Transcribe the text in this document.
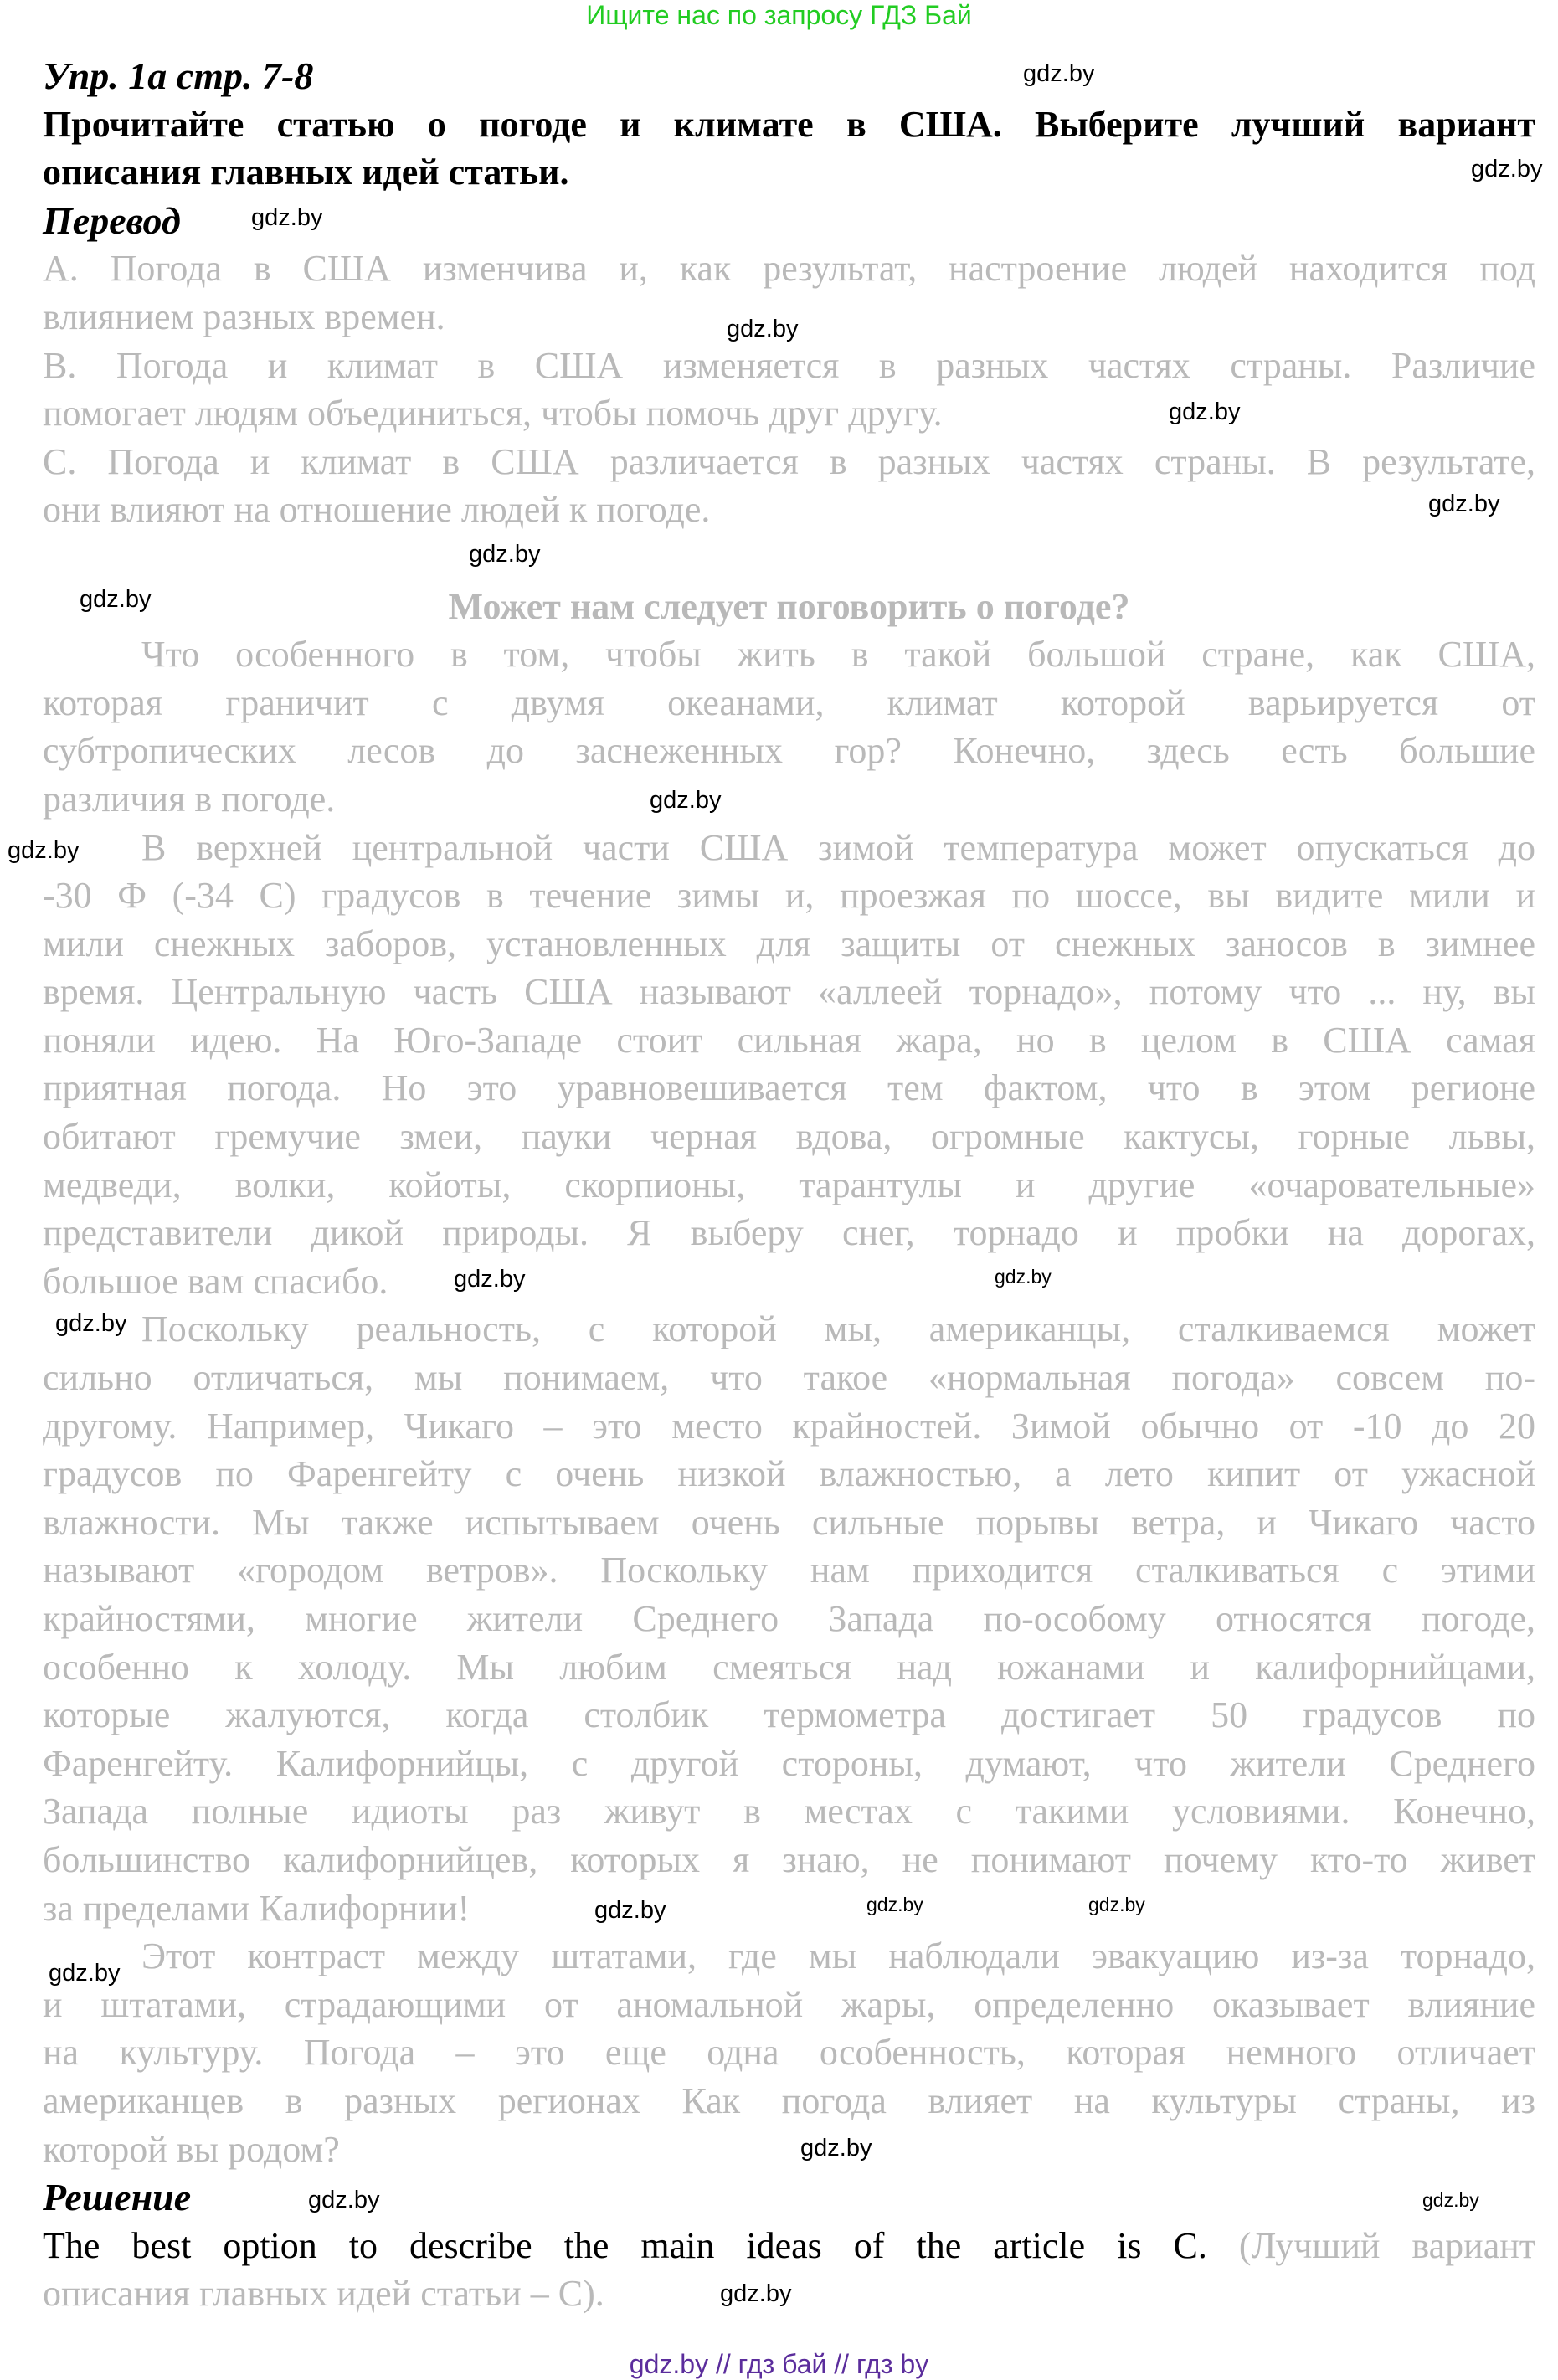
Ищите нас по запросу ГДЗ Бай
Упр. 1а стр. 7-8
Прочитайте статью о погоде и климате в США. Выберите лучший вариант
описания главных идей статьи.
Перевод
А. Погода в США изменчива и, как результат, настроение людей находится под
влиянием разных времен.
В. Погода и климат в США изменяется в разных частях страны. Различие
помогает людям объединиться, чтобы помочь друг другу.
С. Погода и климат в США различается в разных частях страны. В результате,
они влияют на отношение людей к погоде.
Может нам следует поговорить о погоде?
Что особенного в том, чтобы жить в такой большой стране, как США,
которая граничит с двумя океанами, климат которой варьируется от
субтропических лесов до заснеженных гор? Конечно, здесь есть большие
различия в погоде.
В верхней центральной части США зимой температура может опускаться до
-30 Ф (-34 С) градусов в течение зимы и, проезжая по шоссе, вы видите мили и
мили снежных заборов, установленных для защиты от снежных заносов в зимнее
время. Центральную часть США называют «аллеей торнадо», потому что ... ну, вы
поняли идею. На Юго-Западе стоит сильная жара, но в целом в США самая
приятная погода. Но это уравновешивается тем фактом, что в этом регионе
обитают гремучие змеи, пауки черная вдова, огромные кактусы, горные львы,
медведи, волки, койоты, скорпионы, тарантулы и другие «очаровательные»
представители дикой природы. Я выберу снег, торнадо и пробки на дорогах,
большое вам спасибо.
Поскольку реальность, с которой мы, американцы, сталкиваемся может
сильно отличаться, мы понимаем, что такое «нормальная погода» совсем по-
другому. Например, Чикаго – это место крайностей. Зимой обычно от -10 до 20
градусов по Фаренгейту с очень низкой влажностью, а лето кипит от ужасной
влажности. Мы также испытываем очень сильные порывы ветра, и Чикаго часто
называют «городом ветров». Поскольку нам приходится сталкиваться с этими
крайностями, многие жители Среднего Запада по-особому относятся погоде,
особенно к холоду. Мы любим смеяться над южанами и калифорнийцами,
которые жалуются, когда столбик термометра достигает 50 градусов по
Фаренгейту. Калифорнийцы, с другой стороны, думают, что жители Среднего
Запада полные идиоты раз живут в местах с такими условиями. Конечно,
большинство калифорнийцев, которых я знаю, не понимают почему кто-то живет
за пределами Калифорнии!
Этот контраст между штатами, где мы наблюдали эвакуацию из-за торнадо,
и штатами, страдающими от аномальной жары, определенно оказывает влияние
на культуру. Погода – это еще одна особенность, которая немного отличает
американцев в разных регионах Как погода влияет на культуры страны, из
которой вы родом?
Решение
The best option to describe the main ideas of the article is C. (Лучший вариант
описания главных идей статьи – С).
gdz.by
gdz.by
gdz.by
gdz.by
gdz.by
gdz.by
gdz.by
gdz.by
gdz.by
gdz.by
gdz.by
gdz.by
gdz.by
gdz.by	gdz.by
gdz.by
gdz.by
gdz.by
gdz.by	gdz.by
gdz.by
gdz.by // гдз бай // гдз by
